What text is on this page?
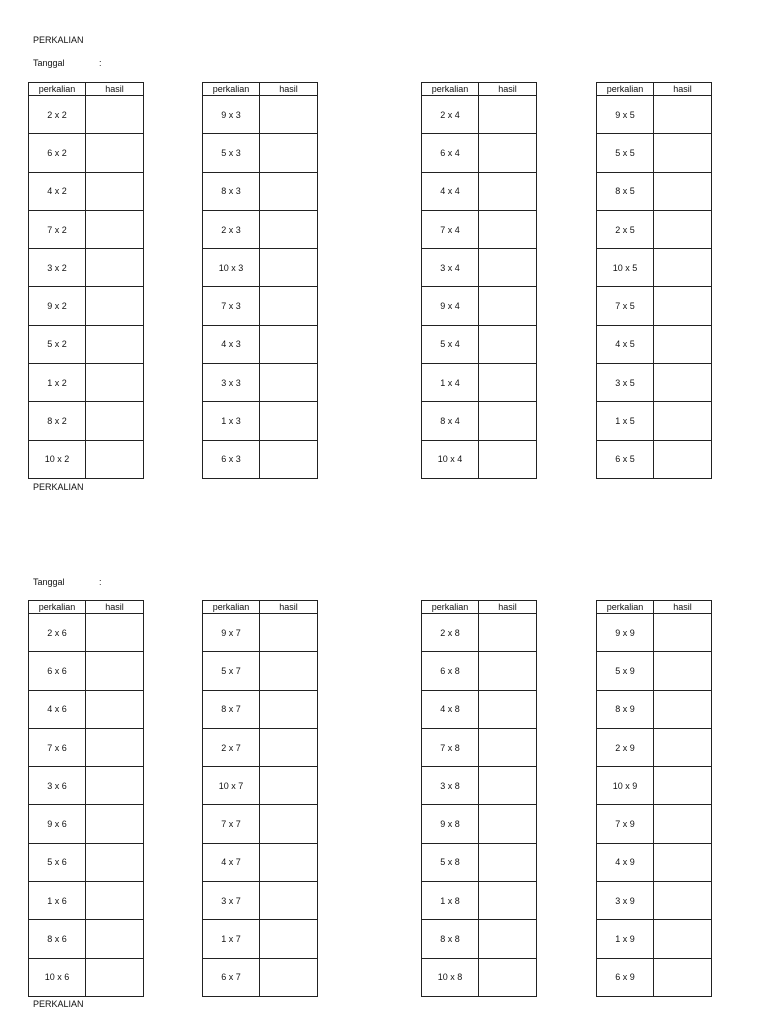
PERKALIAN
Tanggal	:
PERKALIAN
Tanggal	:
PERKALIAN
perkalian	hasil
2 x 2	
6 x 2	
4 x 2	
7 x 2	
3 x 2	
9 x 2	
5 x 2	
1 x 2	
8 x 2	
10 x 2	
perkalian	hasil
9 x 3	
5 x 3	
8 x 3	
2 x 3	
10 x 3	
7 x 3	
4 x 3	
3 x 3	
1 x 3	
6 x 3	
perkalian	hasil
2 x 4	
6 x 4	
4 x 4	
7 x 4	
3 x 4	
9 x 4	
5 x 4	
1 x 4	
8 x 4	
10 x 4	
perkalian	hasil
9 x 5	
5 x 5	
8 x 5	
2 x 5	
10 x 5	
7 x 5	
4 x 5	
3 x 5	
1 x 5	
6 x 5	
perkalian	hasil
2 x 6	
6 x 6	
4 x 6	
7 x 6	
3 x 6	
9 x 6	
5 x 6	
1 x 6	
8 x 6	
10 x 6	
perkalian	hasil
9 x 7	
5 x 7	
8 x 7	
2 x 7	
10 x 7	
7 x 7	
4 x 7	
3 x 7	
1 x 7	
6 x 7	
perkalian	hasil
2 x 8	
6 x 8	
4 x 8	
7 x 8	
3 x 8	
9 x 8	
5 x 8	
1 x 8	
8 x 8	
10 x 8	
perkalian	hasil
9 x 9	
5 x 9	
8 x 9	
2 x 9	
10 x 9	
7 x 9	
4 x 9	
3 x 9	
1 x 9	
6 x 9	
